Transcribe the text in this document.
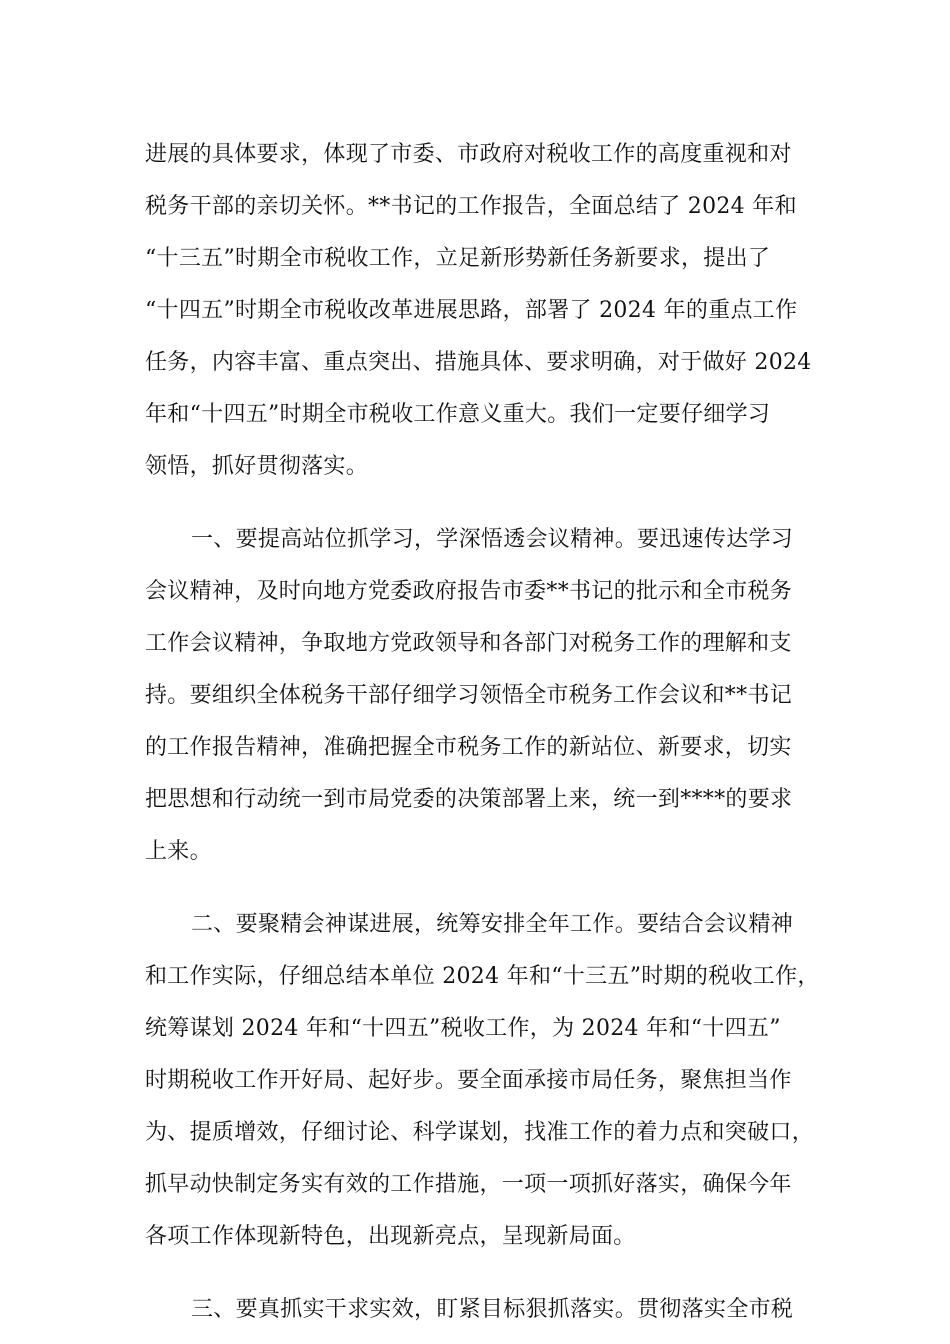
进展的具体要求，体现了市委、市政府对税收工作的高度重视和对
税务干部的亲切关怀。**书记的工作报告，全面总结了 2024 年和
“十三五”时期全市税收工作，立足新形势新任务新要求，提出了
“十四五”时期全市税收改革进展思路，部署了 2024 年的重点工作
任务，内容丰富、重点突出、措施具体、要求明确，对于做好 2024
年和“十四五”时期全市税收工作意义重大。我们一定要仔细学习
领悟，抓好贯彻落实。
一、要提高站位抓学习，学深悟透会议精神。要迅速传达学习
会议精神，及时向地方党委政府报告市委**书记的批示和全市税务
工作会议精神，争取地方党政领导和各部门对税务工作的理解和支
持。要组织全体税务干部仔细学习领悟全市税务工作会议和**书记
的工作报告精神，准确把握全市税务工作的新站位、新要求，切实
把思想和行动统一到市局党委的决策部署上来，统一到****的要求
上来。
二、要聚精会神谋进展，统筹安排全年工作。要结合会议精神
和工作实际，仔细总结本单位 2024 年和“十三五”时期的税收工作，
统筹谋划 2024 年和“十四五”税收工作，为 2024 年和“十四五”
时期税收工作开好局、起好步。要全面承接市局任务，聚焦担当作
为、提质增效，仔细讨论、科学谋划，找准工作的着力点和突破口，
抓早动快制定务实有效的工作措施，一项一项抓好落实，确保今年
各项工作体现新特色，出现新亮点，呈现新局面。
三、要真抓实干求实效，盯紧目标狠抓落实。贯彻落实全市税
